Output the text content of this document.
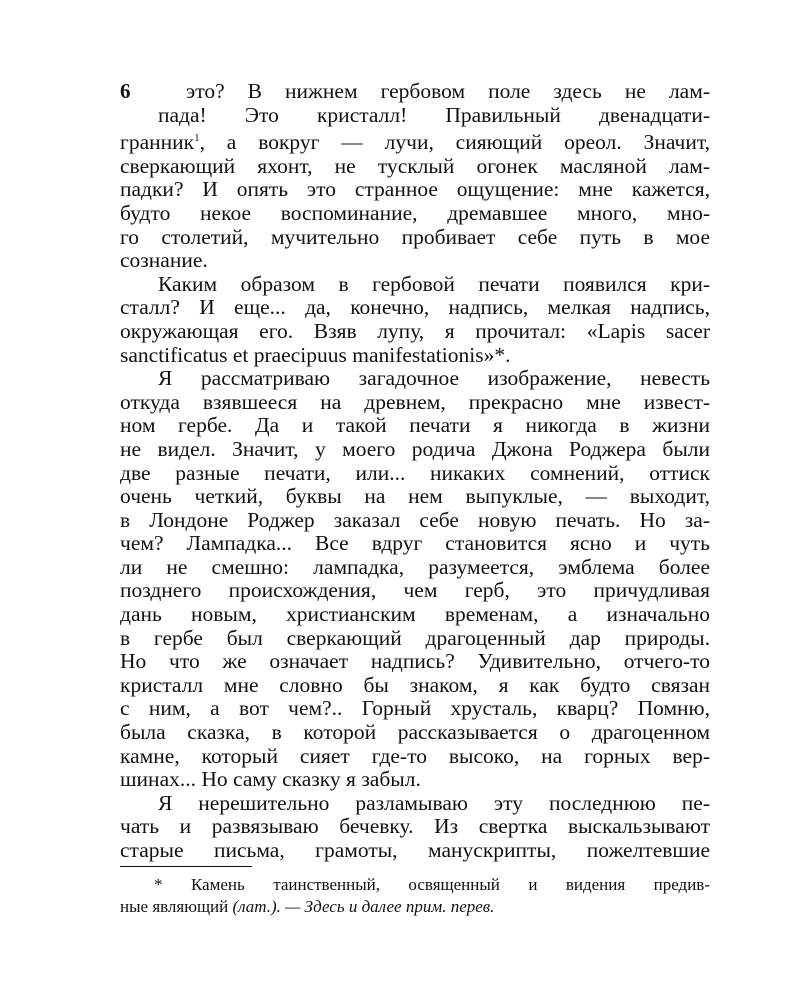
6	это? В нижнем гербовом поле здесь не лам-
пада! Это кристалл! Правильный двенадцати-
гранник$^1$, а вокруг — лучи, сияющий ореол. Значит,
сверкающий яхонт, не тусклый огонек масляной лам-
падки? И опять это странное ощущение: мне кажется,
будто некое воспоминание, дремавшее много, мно-
го столетий, мучительно пробивает себе путь в мое
сознание.
Каким образом в гербовой печати появился кри-
сталл? И еще... да, конечно, надпись, мелкая надпись,
окружающая его. Взяв лупу, я прочитал: «Lapis sacer
sanctificatus et praecipuus manifestationis»*.
Я рассматриваю загадочное изображение, невесть
откуда взявшееся на древнем, прекрасно мне извест-
ном гербе. Да и такой печати я никогда в жизни
не видел. Значит, у моего родича Джона Роджера были
две разные печати, или... никаких сомнений, оттиск
очень четкий, буквы на нем выпуклые, — выходит,
в Лондоне Роджер заказал себе новую печать. Но за-
чем? Лампадка... Все вдруг становится ясно и чуть
ли не смешно: лампадка, разумеется, эмблема более
позднего происхождения, чем герб, это причудливая
дань новым, христианским временам, а изначально
в гербе был сверкающий драгоценный дар природы.
Но что же означает надпись? Удивительно, отчего-то
кристалл мне словно бы знаком, я как будто связан
с ним, а вот чем?.. Горный хрусталь, кварц? Помню,
была сказка, в которой рассказывается о драгоценном
камне, который сияет где-то высоко, на горных вер-
шинах... Но саму сказку я забыл.
Я нерешительно разламываю эту последнюю пе-
чать и развязываю бечевку. Из свертка выскальзывают
старые письма, грамоты, манускрипты, пожелтевшие
* Камень таинственный, освященный и видения предив-
ные являющий (лат.). — Здесь и далее прим. перев.
